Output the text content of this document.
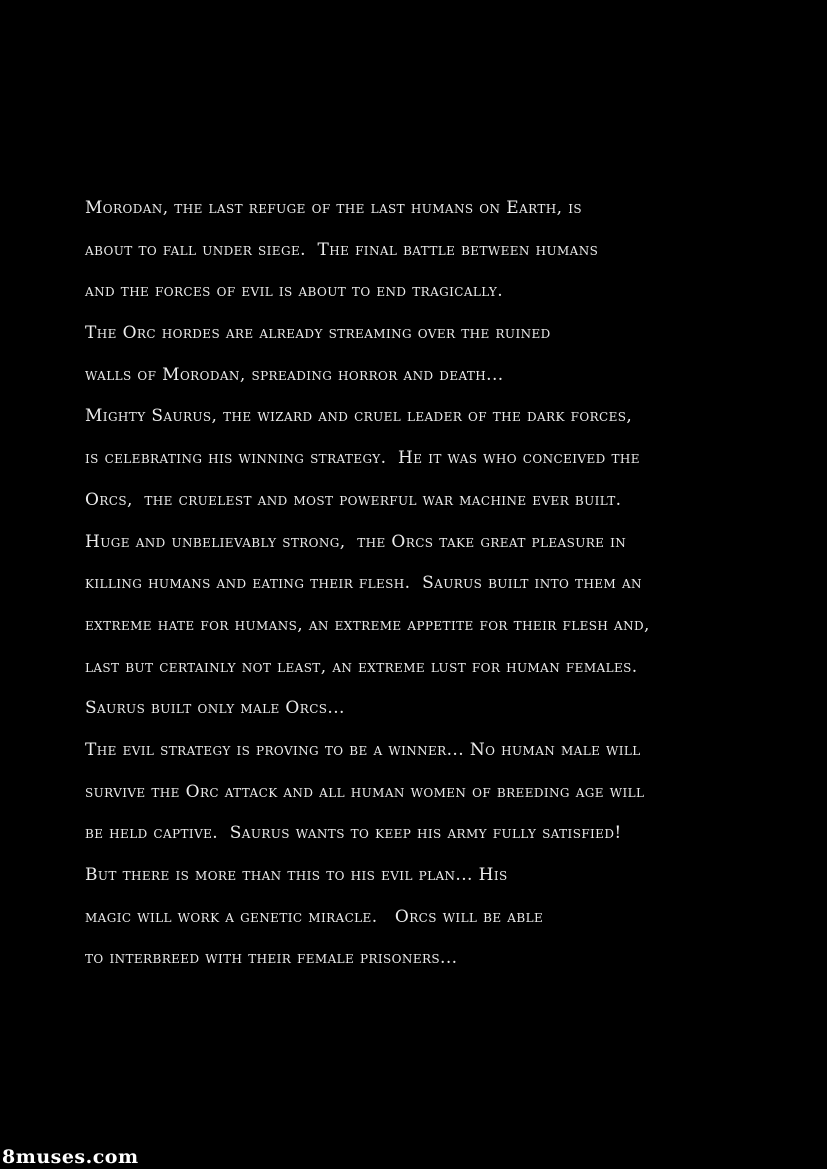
Morodan, the last refuge of the last humans on Earth, is
about to fall under siege.  The final battle between humans
and the forces of evil is about to end tragically.
The Orc hordes are already streaming over the ruined
walls of Morodan, spreading horror and death...
Mighty Saurus, the wizard and cruel leader of the dark forces,
is celebrating his winning strategy.  He it was who conceived the
Orcs,  the cruelest and most powerful war machine ever built.
Huge and unbelievably strong,  the Orcs take great pleasure in
killing humans and eating their flesh.  Saurus built into them an
extreme hate for humans, an extreme appetite for their flesh and,
last but certainly not least, an extreme lust for human females.
Saurus built only male Orcs...
The evil strategy is proving to be a winner... No human male will
survive the Orc attack and all human women of breeding age will
be held captive.  Saurus wants to keep his army fully satisfied!
But there is more than this to his evil plan... His
magic will work a genetic miracle.   Orcs will be able
to interbreed with their female prisoners...
8muses.com
